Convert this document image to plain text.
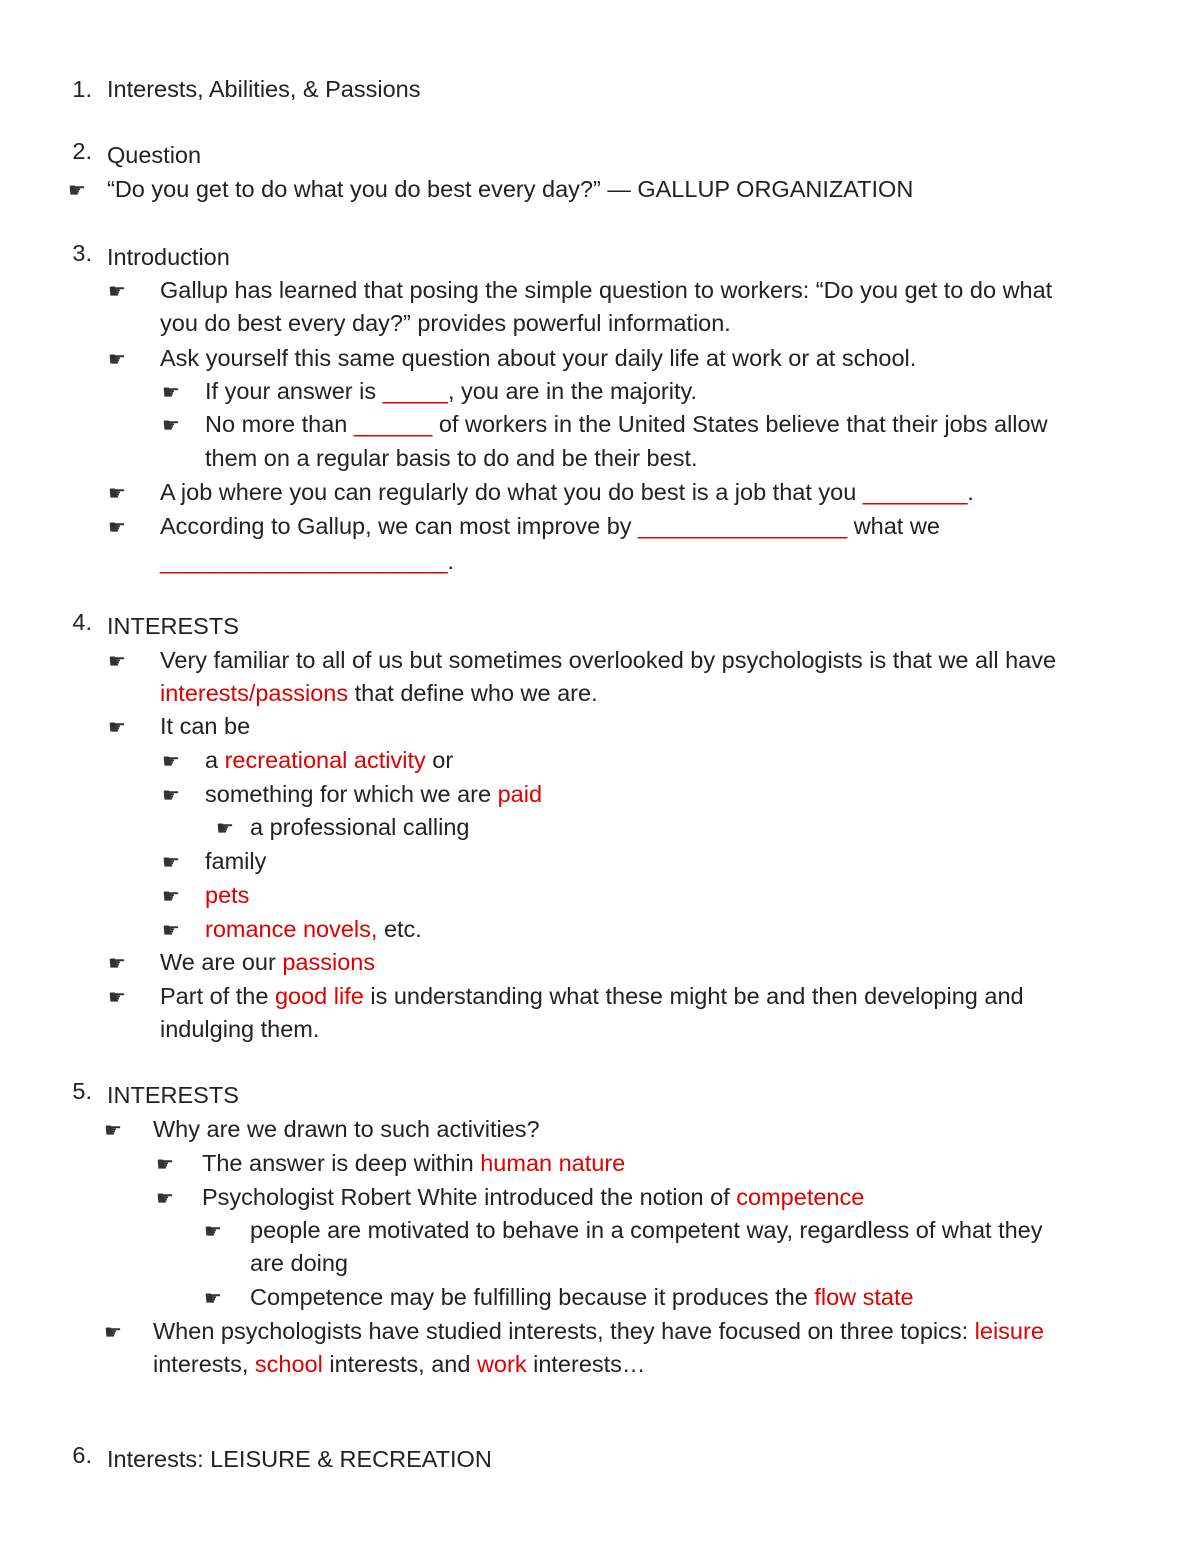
1. Interests, Abilities, & Passions
2. Question
☛ “Do you get to do what you do best every day?” — GALLUP ORGANIZATION
3. Introduction
☛ Gallup has learned that posing the simple question to workers: “Do you get to do what
you do best every day?” provides powerful information.
☛ Ask yourself this same question about your daily life at work or at school.
☛ If your answer is _____, you are in the majority.
☛ No more than ______ of workers in the United States believe that their jobs allow
them on a regular basis to do and be their best.
☛ A job where you can regularly do what you do best is a job that you ________.
☛ According to Gallup, we can most improve by ________________ what we
______________________.
4. INTERESTS
☛ Very familiar to all of us but sometimes overlooked by psychologists is that we all have
interests/passions that define who we are.
☛ It can be
☛ a recreational activity or
☛ something for which we are paid
☛ a professional calling
☛ family
☛ pets
☛ romance novels, etc.
☛ We are our passions
☛ Part of the good life is understanding what these might be and then developing and
indulging them.
5. INTERESTS
☛ Why are we drawn to such activities?
☛ The answer is deep within human nature
☛ Psychologist Robert White introduced the notion of competence
☛ people are motivated to behave in a competent way, regardless of what they
are doing
☛ Competence may be fulfilling because it produces the flow state
☛ When psychologists have studied interests, they have focused on three topics: leisure
interests, school interests, and work interests…
6. Interests: LEISURE & RECREATION
